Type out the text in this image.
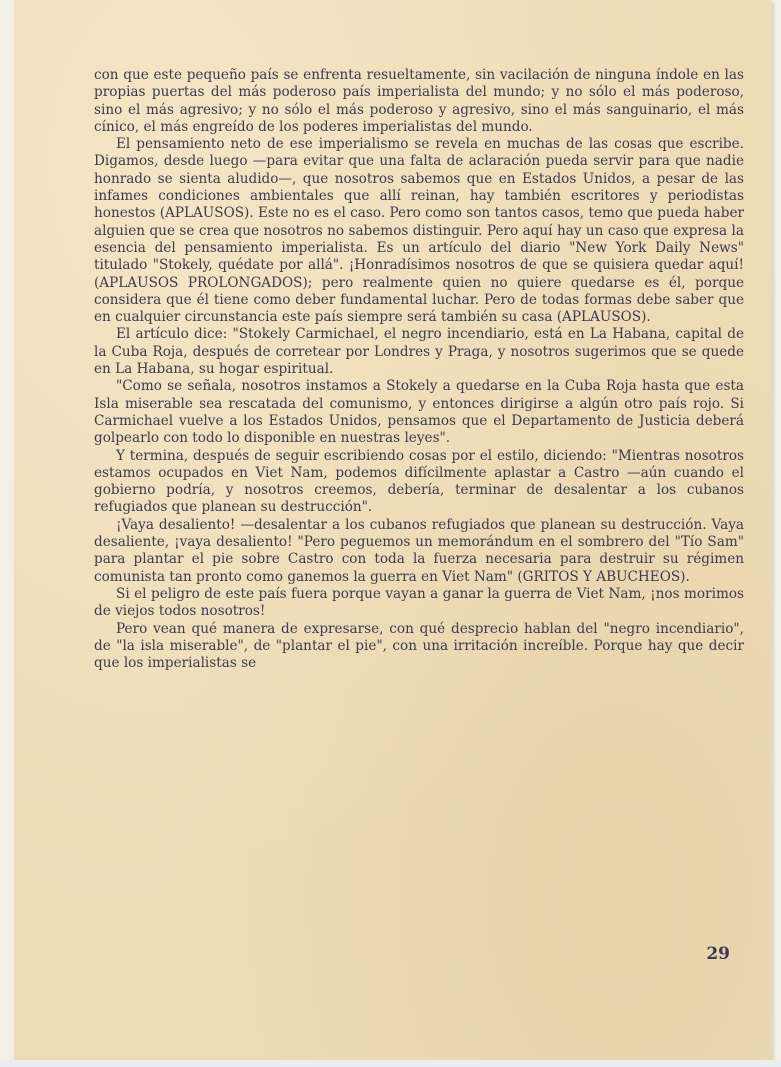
con que este pequeño país se enfrenta resueltamente, sin vacilación de ninguna índole en las propias puertas del más poderoso país imperialista del mundo; y no sólo el más poderoso, sino el más agresivo; y no sólo el más poderoso y agresivo, sino el más sanguinario, el más cínico, el más engreído de los poderes imperialistas del mundo.

El pensamiento neto de ese imperialismo se revela en muchas de las cosas que escribe. Digamos, desde luego —para evitar que una falta de aclaración pueda servir para que nadie honrado se sienta aludido—, que nosotros sabemos que en Estados Unidos, a pesar de las infames condiciones ambientales que allí reinan, hay también escritores y periodistas honestos (APLAUSOS). Este no es el caso. Pero como son tantos casos, temo que pueda haber alguien que se crea que nosotros no sabemos distinguir. Pero aquí hay un caso que expresa la esencia del pensamiento imperialista. Es un artículo del diario "New York Daily News" titulado "Stokely, quédate por allá". ¡Honradísimos nosotros de que se quisiera quedar aquí! (APLAUSOS PROLONGADOS); pero realmente quien no quiere quedarse es él, porque considera que él tiene como deber fundamental luchar. Pero de todas formas debe saber que en cualquier circunstancia este país siempre será también su casa (APLAUSOS).

El artículo dice: "Stokely Carmichael, el negro incendiario, está en La Habana, capital de la Cuba Roja, después de corretear por Londres y Praga, y nosotros sugerimos que se quede en La Habana, su hogar espiritual.

"Como se señala, nosotros instamos a Stokely a quedarse en la Cuba Roja hasta que esta Isla miserable sea rescatada del comunismo, y entonces dirigirse a algún otro país rojo. Si Carmichael vuelve a los Estados Unidos, pensamos que el Departamento de Justicia deberá golpearlo con todo lo disponible en nuestras leyes".

Y termina, después de seguir escribiendo cosas por el estilo, diciendo: "Mientras nosotros estamos ocupados en Viet Nam, podemos difícilmente aplastar a Castro —aún cuando el gobierno podría, y nosotros creemos, debería, terminar de desalentar a los cubanos refugiados que planean su destrucción".

¡Vaya desaliento! —desalentar a los cubanos refugiados que planean su destrucción. Vaya desaliente, ¡vaya desaliento! "Pero peguemos un memorándum en el sombrero del "Tío Sam" para plantar el pie sobre Castro con toda la fuerza necesaria para destruir su régimen comunista tan pronto como ganemos la guerra en Viet Nam" (GRITOS Y ABUCHEOS).

Si el peligro de este país fuera porque vayan a ganar la guerra de Viet Nam, ¡nos morimos de viejos todos nosotros!

Pero vean qué manera de expresarse, con qué desprecio hablan del "negro incendiario", de "la isla miserable", de "plantar el pie", con una irritación increíble. Porque hay que decir que los imperialistas se

29
